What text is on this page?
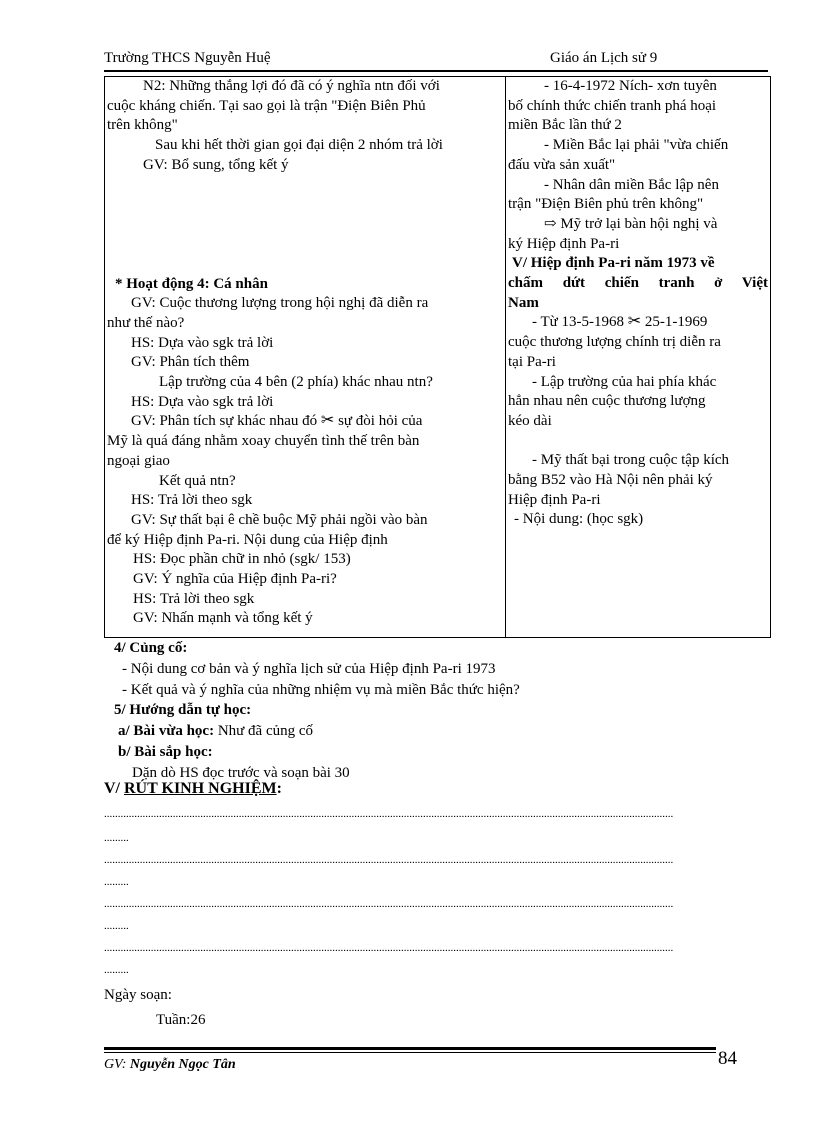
Trường THCS Nguyễn Huệ	Giáo án Lịch sử 9
N2: Những thắng lợi đó đã có ý nghĩa ntn đối với
cuộc kháng chiến. Tại sao gọi là trận "Điện Biên Phủ
trên không"
Sau khi hết thời gian gọi đại diện 2 nhóm trả lời
GV: Bổ sung, tổng kết ý
* Hoạt động 4: Cá nhân
GV: Cuộc thương lượng trong hội nghị đã diễn ra
như thế nào?
HS: Dựa vào sgk trả lời
GV: Phân tích thêm
Lập trường của 4 bên (2 phía) khác nhau ntn?
HS: Dựa vào sgk trả lời
GV: Phân tích sự khác nhau đó ✂ sự đòi hỏi của
Mỹ là quá đáng nhằm xoay chuyển tình thế trên bàn
ngoại giao
Kết quả ntn?
HS: Trả lời theo sgk
GV: Sự thất bại ê chề buộc Mỹ phải ngồi vào bàn
để ký Hiệp định Pa-ri. Nội dung của Hiệp định
HS: Đọc phần chữ in nhỏ (sgk/ 153)
GV: Ý nghĩa của Hiệp định Pa-ri?
HS: Trả lời theo sgk
GV: Nhấn mạnh và tổng kết ý

- 16-4-1972 Ních- xơn tuyên
bố chính thức chiến tranh phá hoại
miền Bắc lần thứ 2
- Miền Bắc lại phải "vừa chiến
đấu vừa sản xuất"
- Nhân dân miền Bắc lập nên
trận "Điện Biên phủ trên không"
⇨ Mỹ trở lại bàn hội nghị và
ký Hiệp định Pa-ri
V/ Hiệp định Pa-ri năm 1973 về
chấm dứt chiến tranh ở Việt
Nam
- Từ 13-5-1968 ✂ 25-1-1969
cuộc thương lượng chính trị diễn ra
tại Pa-ri
- Lập trường của hai phía khác
hẳn nhau nên cuộc thương lượng
kéo dài
- Mỹ thất bại trong cuộc tập kích
bằng B52 vào Hà Nội nên phải ký
Hiệp định Pa-ri
- Nội dung: (học sgk)
4/ Củng cố:
- Nội dung cơ bản và ý nghĩa lịch sử của Hiệp định Pa-ri 1973
- Kết quả và ý nghĩa của những nhiệm vụ mà miền Bắc thức hiện?
5/ Hướng dẫn tự học:
a/ Bài vừa học: Như đã củng cố
b/ Bài sắp học:
Dặn dò HS đọc trước và soạn bài 30
V/ RÚT KINH NGHIỆM:
...............................................................................................................................................................................................................
.........
...............................................................................................................................................................................................................
.........
...............................................................................................................................................................................................................
.........
...............................................................................................................................................................................................................
.........
Ngày soạn:
Tuần:26
GV: Nguyễn Ngọc Tân	84
